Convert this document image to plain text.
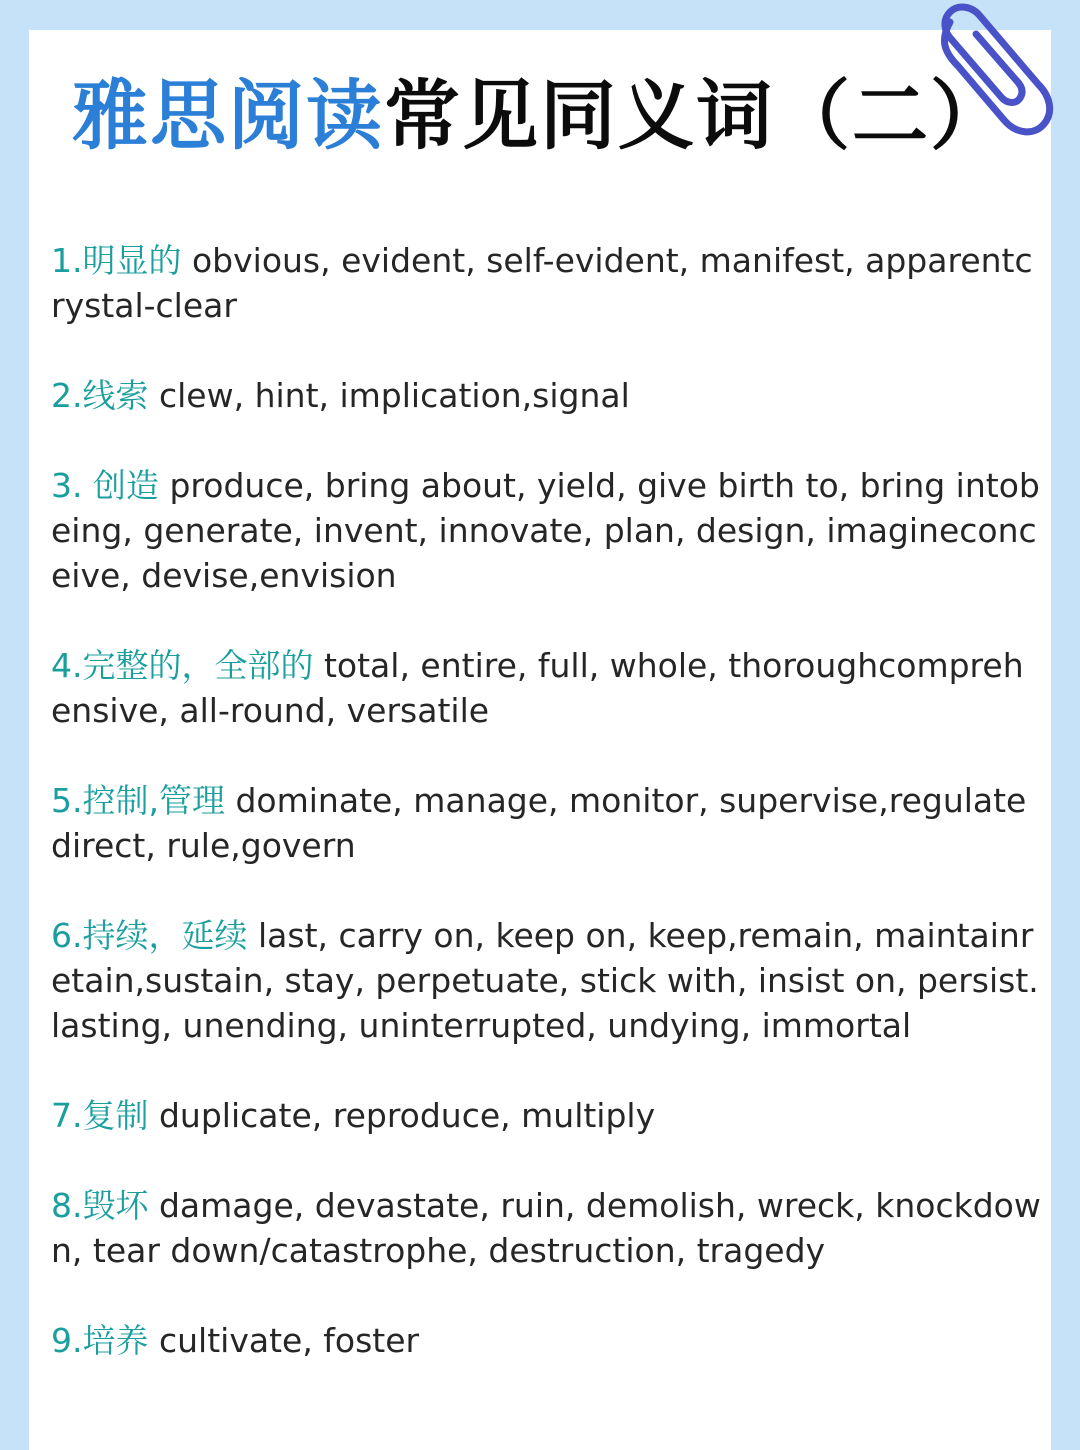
雅思阅读常见同义词（二）

1.明显的 obvious, evident, self-evident, manifest, apparentcrystal-clear

2.线索 clew, hint, implication,signal

3. 创造 produce, bring about, yield, give birth to, bring intobeing, generate, invent, innovate, plan, design, imagineconceive, devise,envision

4.完整的，全部的 total, entire, full, whole, thoroughcomprehensive, all-round, versatile

5.控制,管理 dominate, manage, monitor, supervise,regulate direct, rule,govern

6.持续，延续 last, carry on, keep on, keep,remain, maintainretain,sustain, stay, perpetuate, stick with, insist on, persist.lasting, unending, uninterrupted, undying, immortal

7.复制 duplicate, reproduce, multiply

8.毁坏 damage, devastate, ruin, demolish, wreck, knockdown, tear down/catastrophe, destruction, tragedy

9.培养 cultivate, foster
